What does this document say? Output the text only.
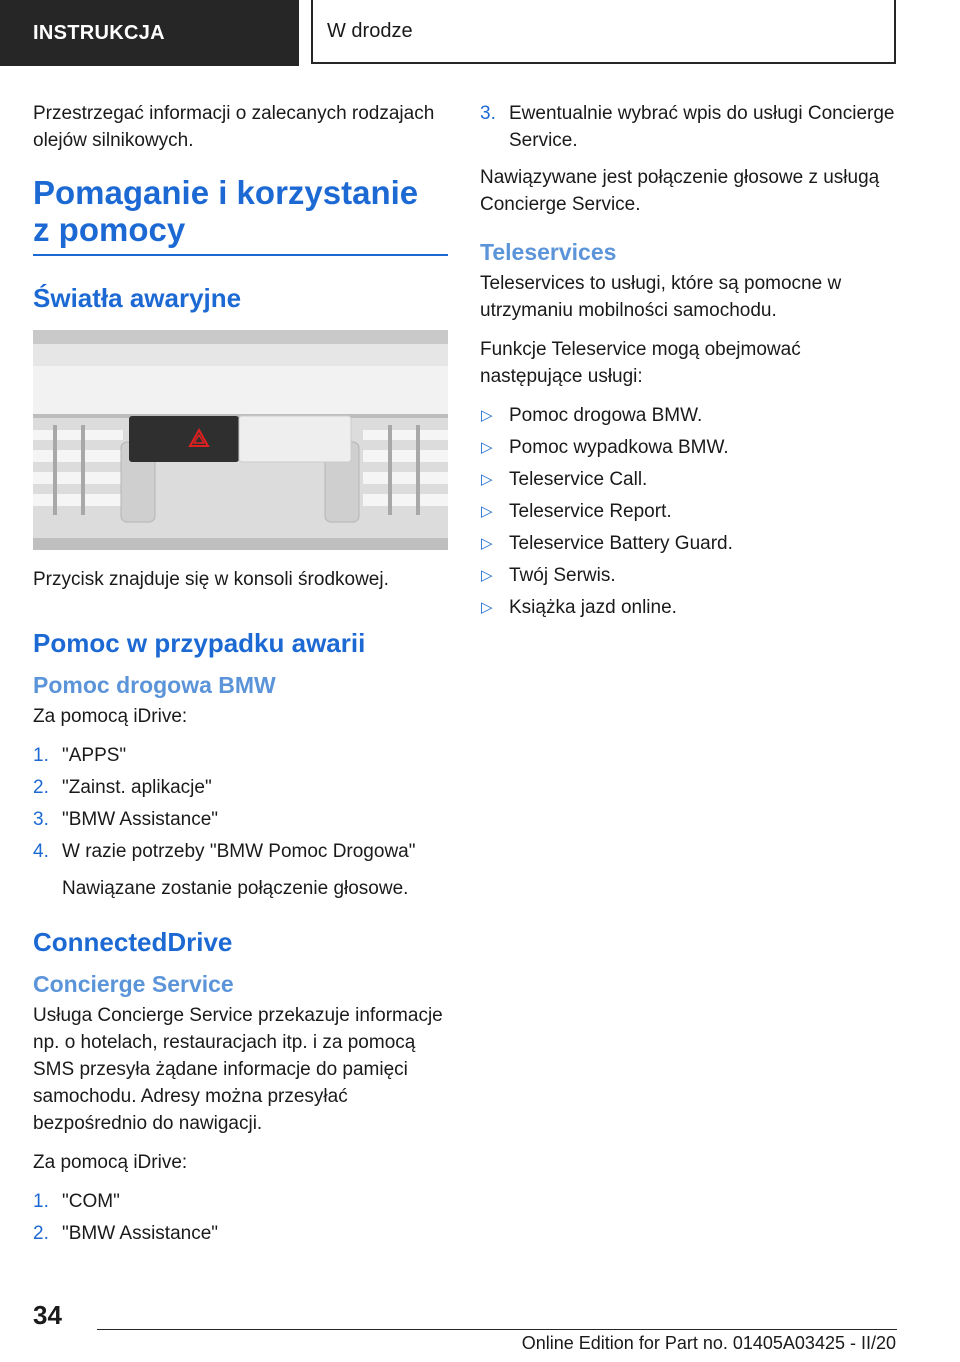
INSTRUKCJA	W drodze

Przestrzegać informacji o zalecanych rodzajach olejów silnikowych.

Pomaganie i korzystanie
z pomocy
Światła awaryjne

Przycisk znajduje się w konsoli środkowej.

Pomoc w przypadku awarii
Pomoc drogowa BMW

Za pomocą iDrive:

1. "APPS"
2. "Zainst. aplikacje"
3. "BMW Assistance"
4. W razie potrzeby "BMW Pomoc Drogowa"

Nawiązane zostanie połączenie głosowe.

ConnectedDrive
Concierge Service

Usługa Concierge Service przekazuje informacje np. o hotelach, restauracjach itp. i za pomocą SMS przesyła żądane informacje do pamięci samochodu. Adresy można przesyłać bezpośrednio do nawigacji.

Za pomocą iDrive:

1. "COM"
2. "BMW Assistance"
3. Ewentualnie wybrać wpis do usługi Concierge Service.

Nawiązywane jest połączenie głosowe z usługą Concierge Service.

Teleservices

Teleservices to usługi, które są pomocne w utrzymaniu mobilności samochodu.

Funkcje Teleservice mogą obejmować następujące usługi:

▷ Pomoc drogowa BMW.
▷ Pomoc wypadkowa BMW.
▷ Teleservice Call.
▷ Teleservice Report.
▷ Teleservice Battery Guard.
▷ Twój Serwis.
▷ Książka jazd online.
34
Online Edition for Part no. 01405A03425 - II/20
